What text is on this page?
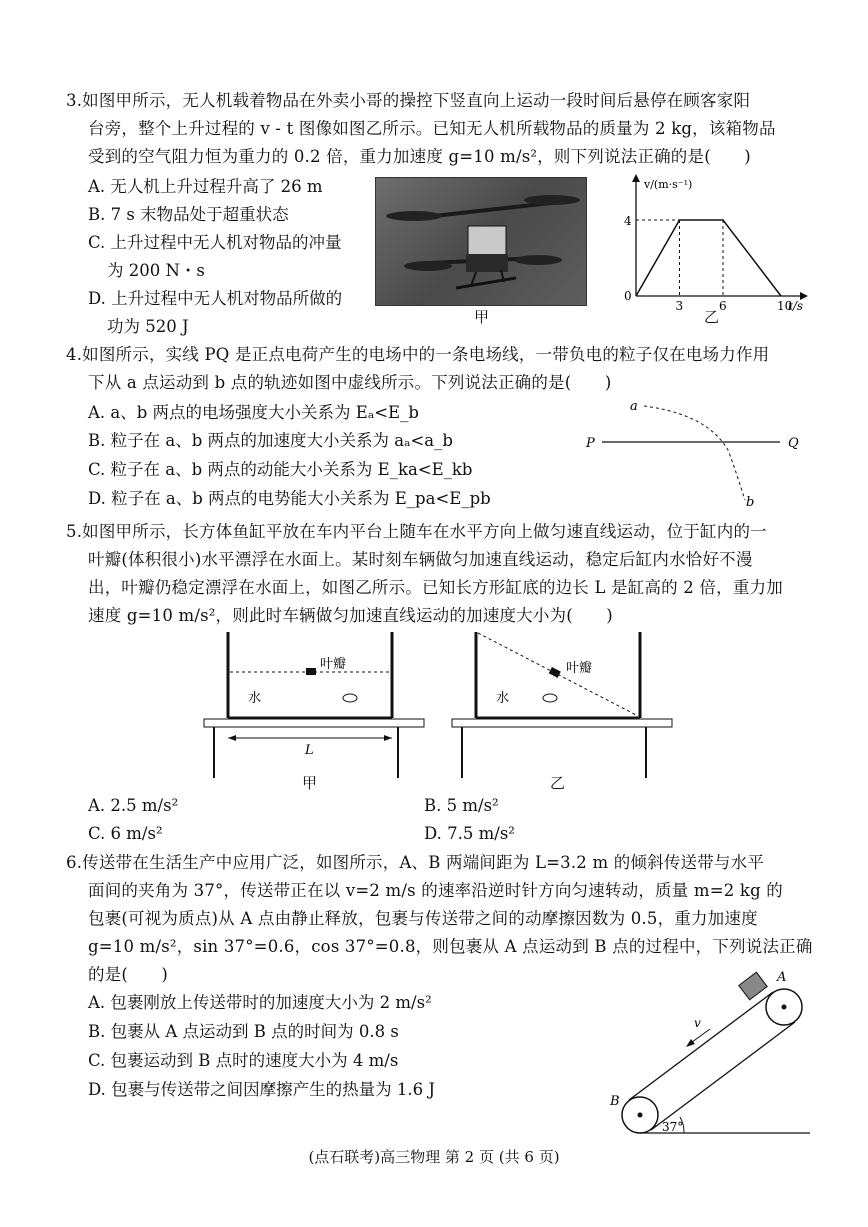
3.如图甲所示，无人机载着物品在外卖小哥的操控下竖直向上运动一段时间后悬停在顾客家阳
台旁，整个上升过程的 v - t 图像如图乙所示。已知无人机所载物品的质量为 2 kg，该箱物品
受到的空气阻力恒为重力的 0.2 倍，重力加速度 g=10 m/s²，则下列说法正确的是(　　)
A. 无人机上升过程升高了 26 m
B. 7 s 末物品处于超重状态
C. 上升过程中无人机对物品的冲量
为 200 N・s
D. 上升过程中无人机对物品所做的
功为 520 J	甲
v/(m·s⁻¹)
t/s
0
4
3	6	10
乙
4.如图所示，实线 PQ 是正点电荷产生的电场中的一条电场线，一带负电的粒子仅在电场力作用
下从 a 点运动到 b 点的轨迹如图中虚线所示。下列说法正确的是(　　)
A. a、b 两点的电场强度大小关系为 Eₐ<E_b
B. 粒子在 a、b 两点的加速度大小关系为 aₐ<a_b
C. 粒子在 a、b 两点的动能大小关系为 E_ka<E_kb
D. 粒子在 a、b 两点的电势能大小关系为 E_pa<E_pb
a
b
P	Q
5.如图甲所示，长方体鱼缸平放在车内平台上随车在水平方向上做匀速直线运动，位于缸内的一
叶瓣(体积很小)水平漂浮在水面上。某时刻车辆做匀加速直线运动，稳定后缸内水恰好不漫
出，叶瓣仍稳定漂浮在水面上，如图乙所示。已知长方形缸底的边长 L 是缸高的 2 倍，重力加
速度 g=10 m/s²，则此时车辆做匀加速直线运动的加速度大小为(　　)
叶瓣
水
L
甲
叶瓣
水
乙
A. 2.5 m/s²	B. 5 m/s²
C. 6 m/s²	D. 7.5 m/s²
6.传送带在生活生产中应用广泛，如图所示，A、B 两端间距为 L=3.2 m 的倾斜传送带与水平
面间的夹角为 37°，传送带正在以 v=2 m/s 的速率沿逆时针方向匀速转动，质量 m=2 kg 的
包裹(可视为质点)从 A 点由静止释放，包裹与传送带之间的动摩擦因数为 0.5，重力加速度
g=10 m/s²，sin 37°=0.6，cos 37°=0.8，则包裹从 A 点运动到 B 点的过程中，下列说法正确
的是(　　)
A. 包裹刚放上传送带时的加速度大小为 2 m/s²
B. 包裹从 A 点运动到 B 点的时间为 0.8 s
C. 包裹运动到 B 点时的速度大小为 4 m/s
D. 包裹与传送带之间因摩擦产生的热量为 1.6 J
v
A
B
37°
(点石联考)高三物理 第 2 页 (共 6 页)
